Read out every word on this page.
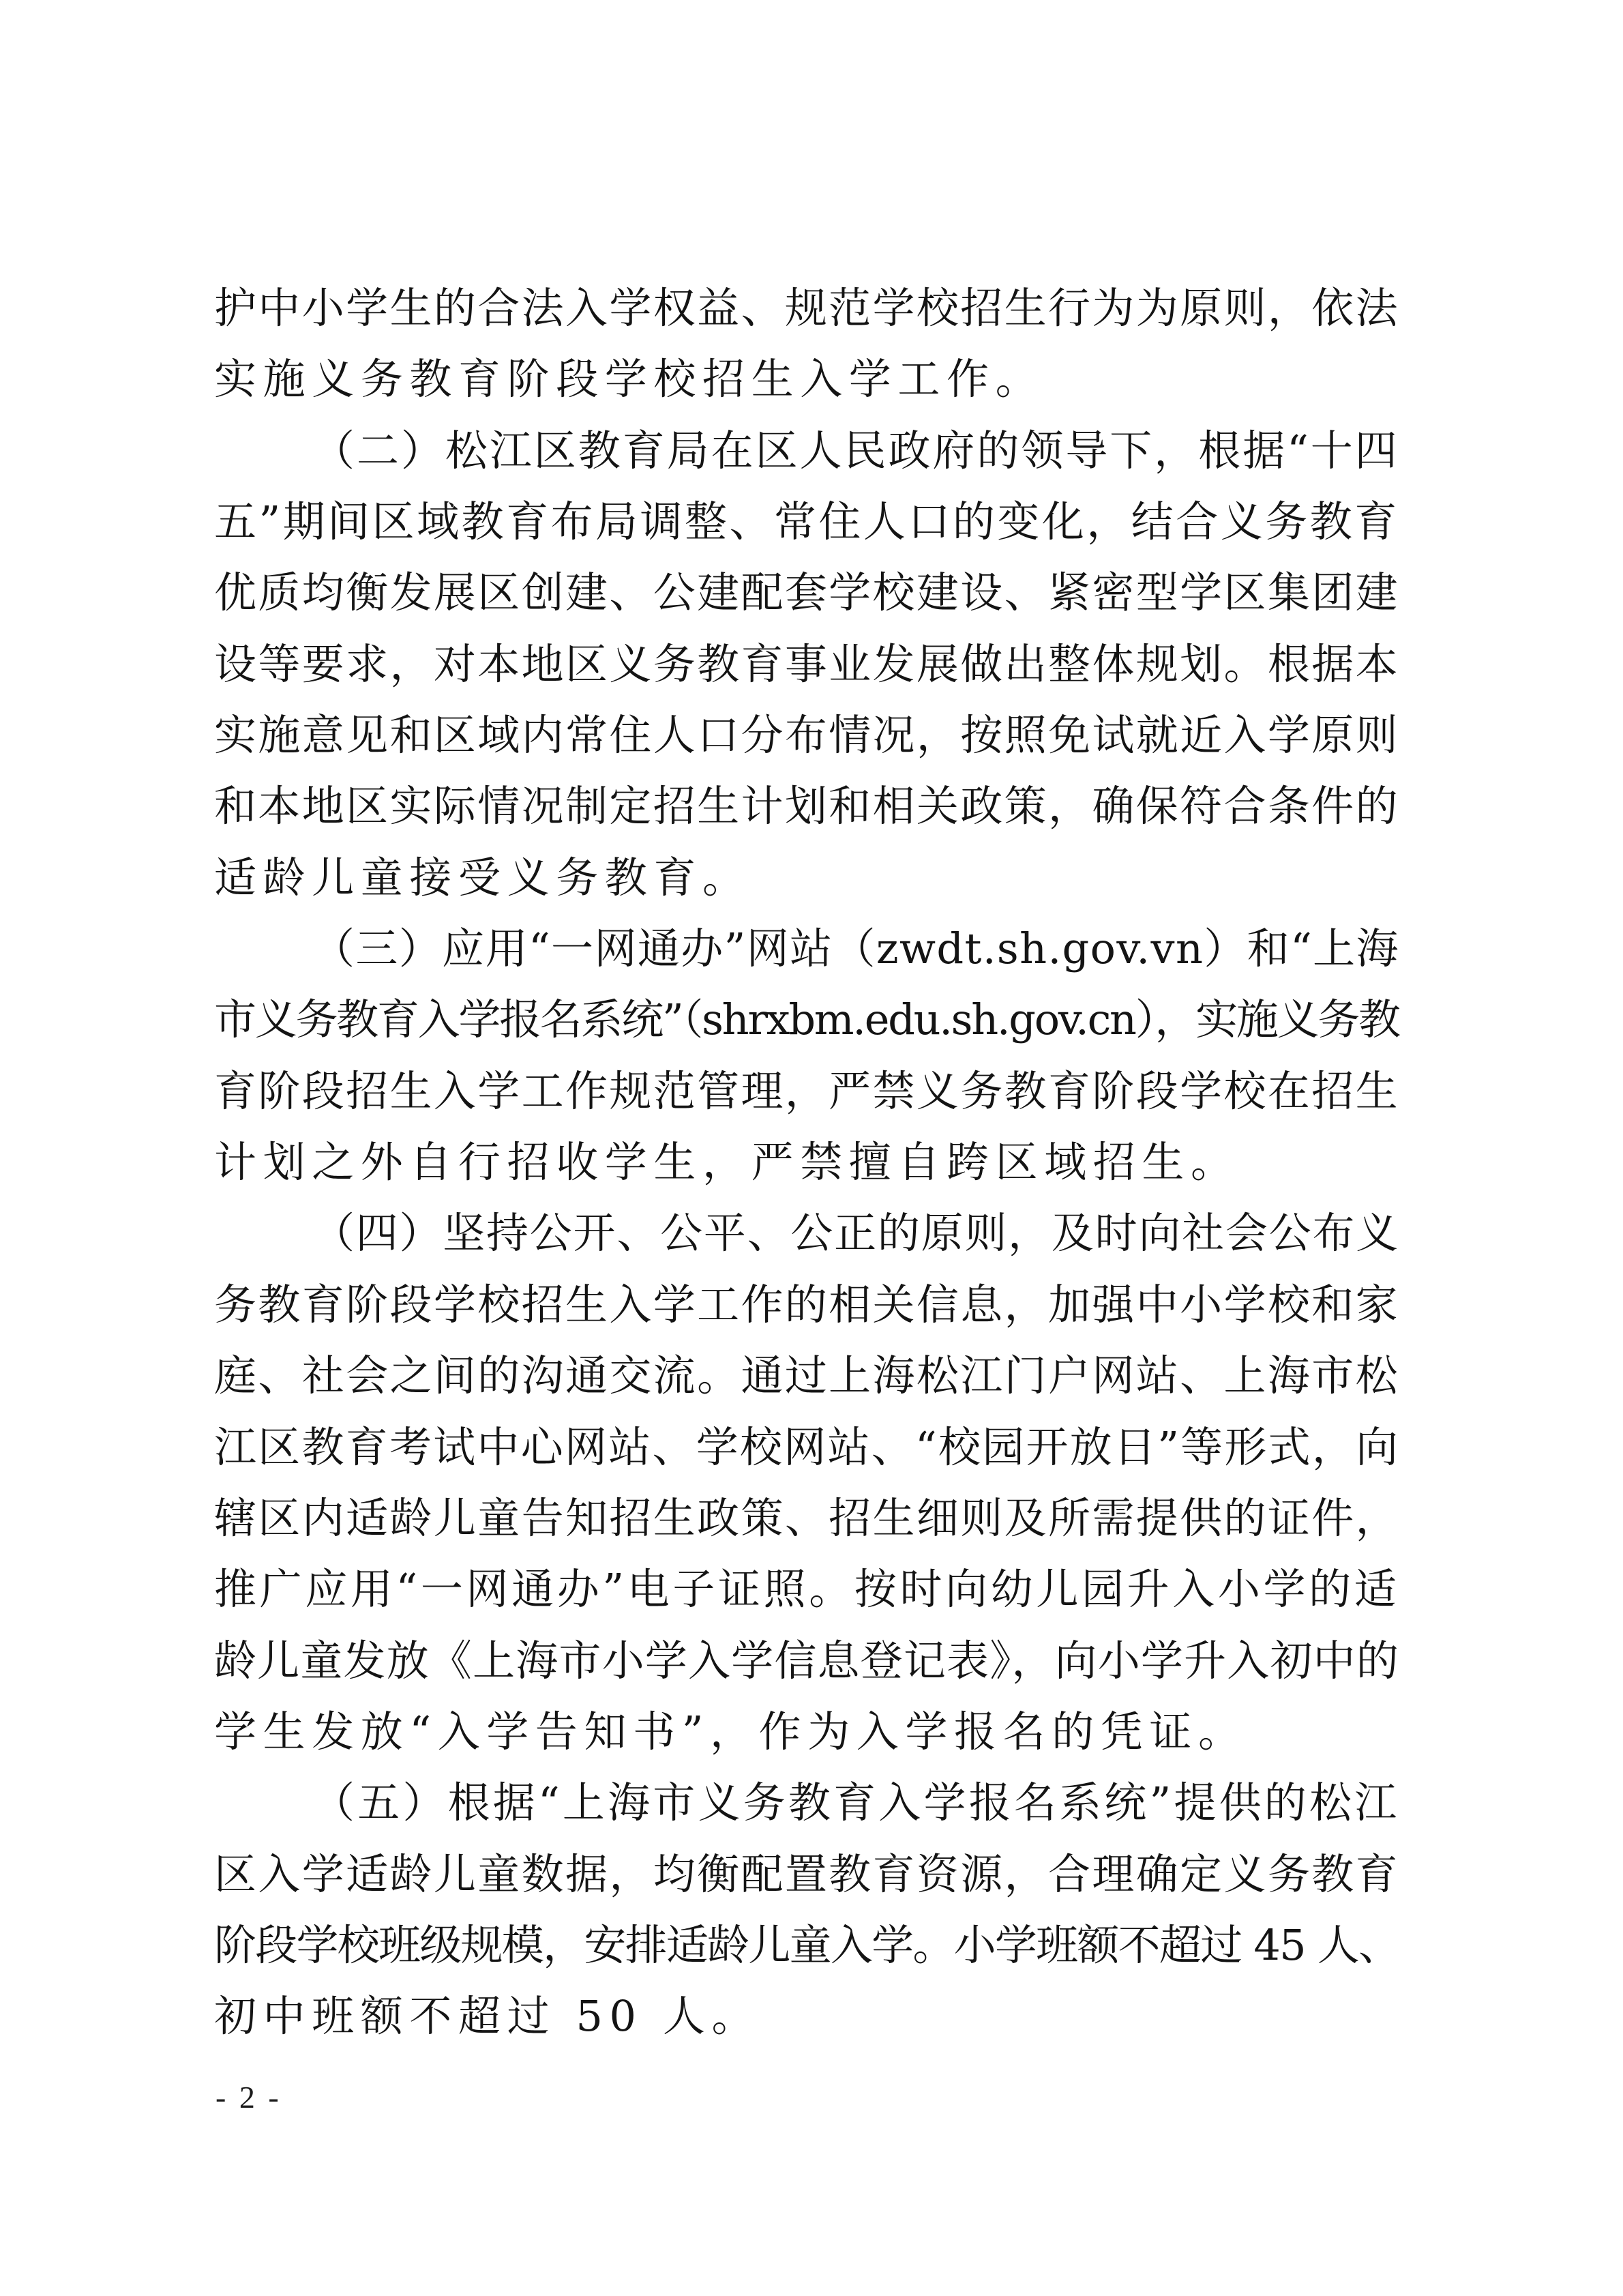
护中小学生的合法入学权益、规范学校招生行为为原则，依法
实施义务教育阶段学校招生入学工作。
（二）松江区教育局在区人民政府的领导下，根据“十四
五”期间区域教育布局调整、常住人口的变化，结合义务教育
优质均衡发展区创建、公建配套学校建设、紧密型学区集团建
设等要求，对本地区义务教育事业发展做出整体规划。根据本
实施意见和区域内常住人口分布情况，按照免试就近入学原则
和本地区实际情况制定招生计划和相关政策，确保符合条件的
适龄儿童接受义务教育。
（三）应用“一网通办”网站（zwdt.sh.gov.vn）和“上海
市义务教育入学报名系统”（shrxbm.edu.sh.gov.cn），实施义务教
育阶段招生入学工作规范管理，严禁义务教育阶段学校在招生
计划之外自行招收学生，严禁擅自跨区域招生。
（四）坚持公开、公平、公正的原则，及时向社会公布义
务教育阶段学校招生入学工作的相关信息，加强中小学校和家
庭、社会之间的沟通交流。通过上海松江门户网站、上海市松
江区教育考试中心网站、学校网站、“校园开放日”等形式，向
辖区内适龄儿童告知招生政策、招生细则及所需提供的证件，
推广应用“一网通办”电子证照。按时向幼儿园升入小学的适
龄儿童发放《上海市小学入学信息登记表》，向小学升入初中的
学生发放“入学告知书”，作为入学报名的凭证。
（五）根据“上海市义务教育入学报名系统”提供的松江
区入学适龄儿童数据，均衡配置教育资源，合理确定义务教育
阶段学校班级规模，安排适龄儿童入学。小学班额不超过 45 人、
初中班额不超过 50 人。
- 2 -
